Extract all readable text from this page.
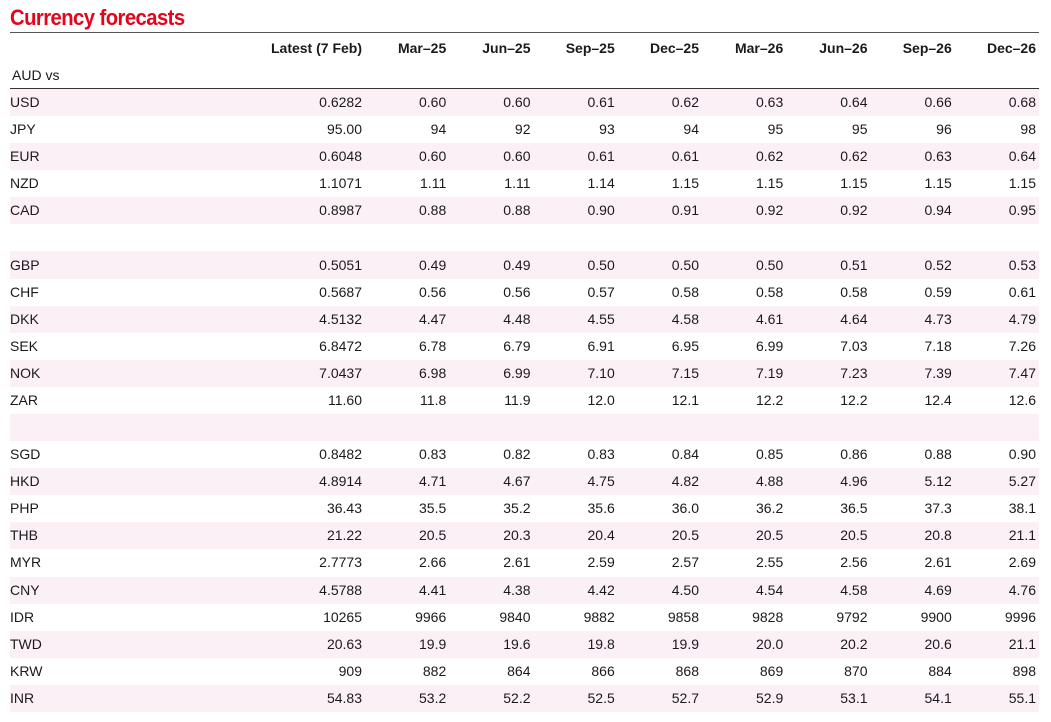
Currency forecasts
	Latest (7 Feb)	Mar–25	Jun–25	Sep–25	Dec–25	Mar–26	Jun–26	Sep–26	Dec–26
AUD vs									
USD	0.6282	0.60	0.60	0.61	0.62	0.63	0.64	0.66	0.68
JPY	95.00	94	92	93	94	95	95	96	98
EUR	0.6048	0.60	0.60	0.61	0.61	0.62	0.62	0.63	0.64
NZD	1.1071	1.11	1.11	1.14	1.15	1.15	1.15	1.15	1.15
CAD	0.8987	0.88	0.88	0.90	0.91	0.92	0.92	0.94	0.95

GBP	0.5051	0.49	0.49	0.50	0.50	0.50	0.51	0.52	0.53
CHF	0.5687	0.56	0.56	0.57	0.58	0.58	0.58	0.59	0.61
DKK	4.5132	4.47	4.48	4.55	4.58	4.61	4.64	4.73	4.79
SEK	6.8472	6.78	6.79	6.91	6.95	6.99	7.03	7.18	7.26
NOK	7.0437	6.98	6.99	7.10	7.15	7.19	7.23	7.39	7.47
ZAR	11.60	11.8	11.9	12.0	12.1	12.2	12.2	12.4	12.6

SGD	0.8482	0.83	0.82	0.83	0.84	0.85	0.86	0.88	0.90
HKD	4.8914	4.71	4.67	4.75	4.82	4.88	4.96	5.12	5.27
PHP	36.43	35.5	35.2	35.6	36.0	36.2	36.5	37.3	38.1
THB	21.22	20.5	20.3	20.4	20.5	20.5	20.5	20.8	21.1
MYR	2.7773	2.66	2.61	2.59	2.57	2.55	2.56	2.61	2.69
CNY	4.5788	4.41	4.38	4.42	4.50	4.54	4.58	4.69	4.76
IDR	10265	9966	9840	9882	9858	9828	9792	9900	9996
TWD	20.63	19.9	19.6	19.8	19.9	20.0	20.2	20.6	21.1
KRW	909	882	864	866	868	869	870	884	898
INR	54.83	53.2	52.2	52.5	52.7	52.9	53.1	54.1	55.1
